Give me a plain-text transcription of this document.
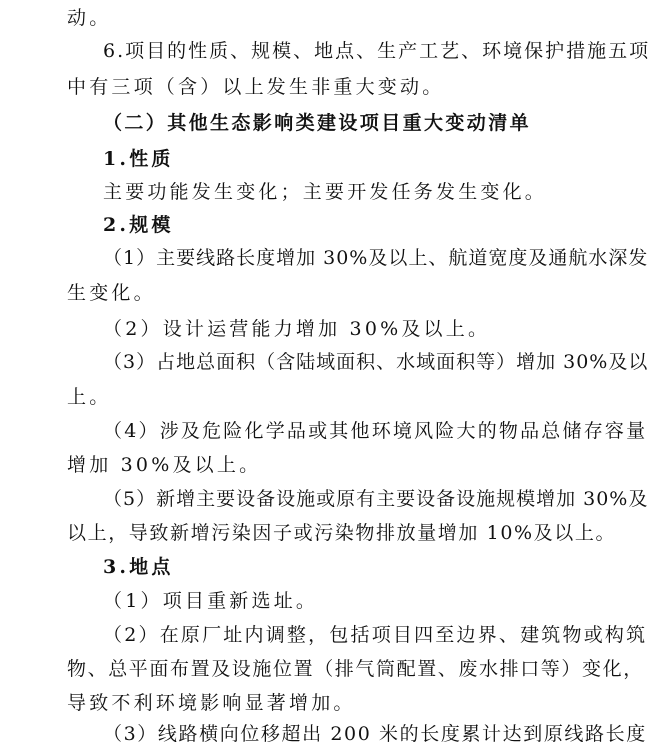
动。
6.项目的性质、规模、地点、生产工艺、环境保护措施五项
中有三项（含）以上发生非重大变动。
（二）其他生态影响类建设项目重大变动清单
1.性质
主要功能发生变化；主要开发任务发生变化。
2.规模
（1）主要线路长度增加 30%及以上、航道宽度及通航水深发
生变化。
（2）设计运营能力增加 30%及以上。
（3）占地总面积（含陆域面积、水域面积等）增加 30%及以
上。
（4）涉及危险化学品或其他环境风险大的物品总储存容量
增加 30%及以上。
（5）新增主要设备设施或原有主要设备设施规模增加 30%及
以上，导致新增污染因子或污染物排放量增加 10%及以上。
3.地点
（1）项目重新选址。
（2）在原厂址内调整，包括项目四至边界、建筑物或构筑
物、总平面布置及设施位置（排气筒配置、废水排口等）变化，
导致不利环境影响显著增加。
（3）线路横向位移超出 200 米的长度累计达到原线路长度
